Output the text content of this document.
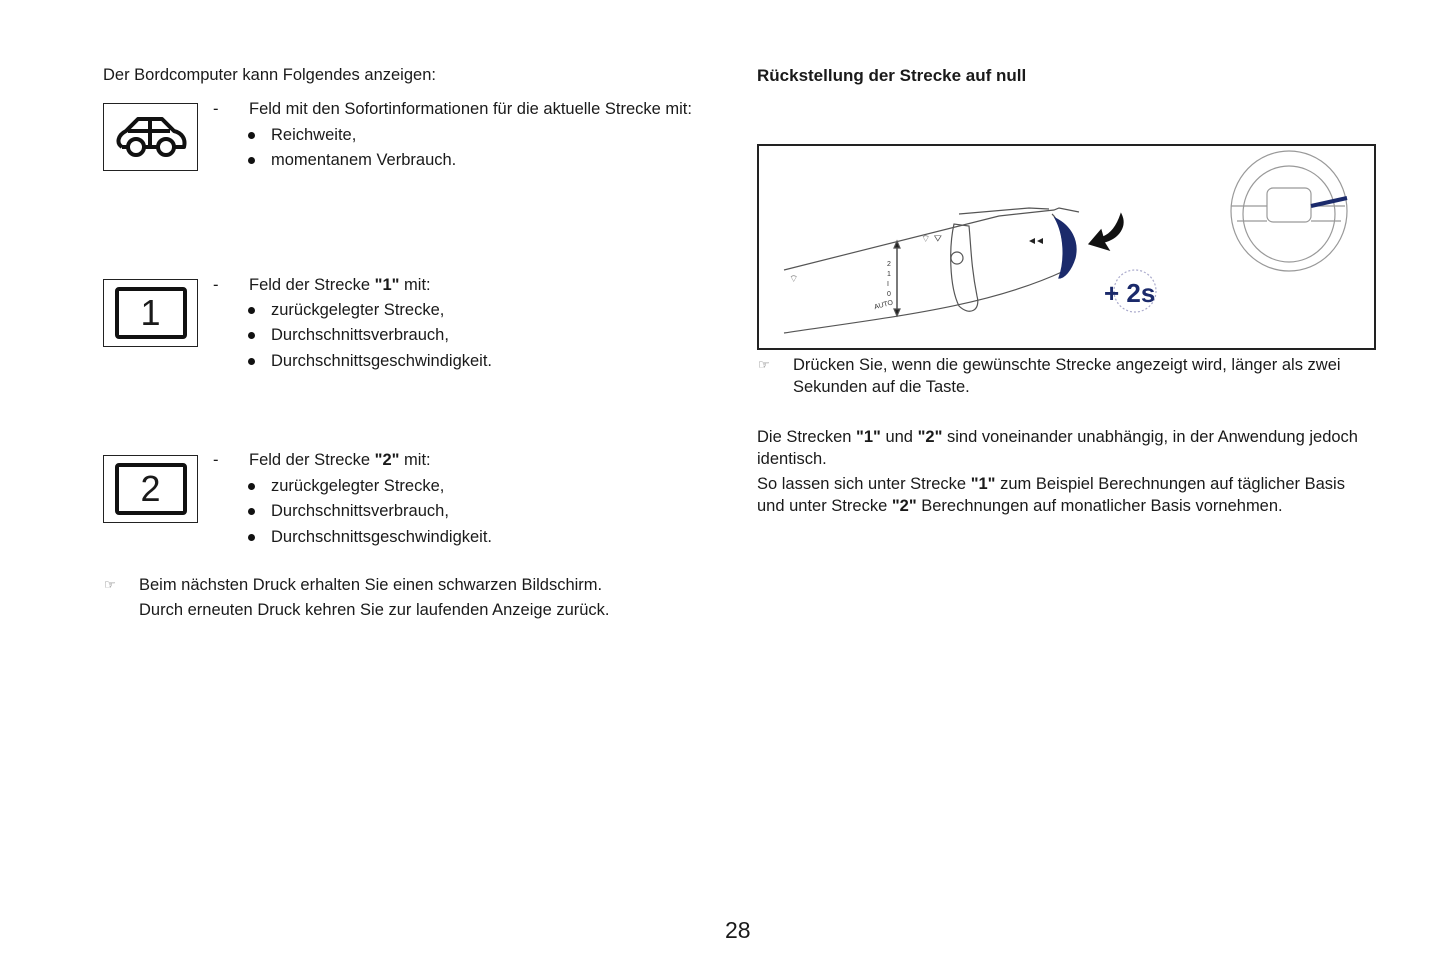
Der Bordcomputer kann Folgendes anzeigen:
- Feld mit den Sofortinformationen für die aktuelle Strecke mit:
Reichweite,
momentanem Verbrauch.
1
- Feld der Strecke "1" mit:
zurückgelegter Strecke,
Durchschnittsverbrauch,
Durchschnittsgeschwindigkeit.
2
- Feld der Strecke "2" mit:
zurückgelegter Strecke,
Durchschnittsverbrauch,
Durchschnittsgeschwindigkeit.
☞ Beim nächsten Druck erhalten Sie einen schwarzen Bildschirm.
Durch erneuten Druck kehren Sie zur laufenden Anzeige zurück.
Rückstellung der Strecke auf null
⌔
⌔ ▿
2
1
I
0
AUTO	+ 2s
☞ Drücken Sie, wenn die gewünschte Strecke angezeigt wird, länger als zwei
Sekunden auf die Taste.
Die Strecken "1" und "2" sind voneinander unabhängig, in der Anwendung jedoch
identisch.
So lassen sich unter Strecke "1" zum Beispiel Berechnungen auf täglicher Basis
und unter Strecke "2" Berechnungen auf monatlicher Basis vornehmen.
28
